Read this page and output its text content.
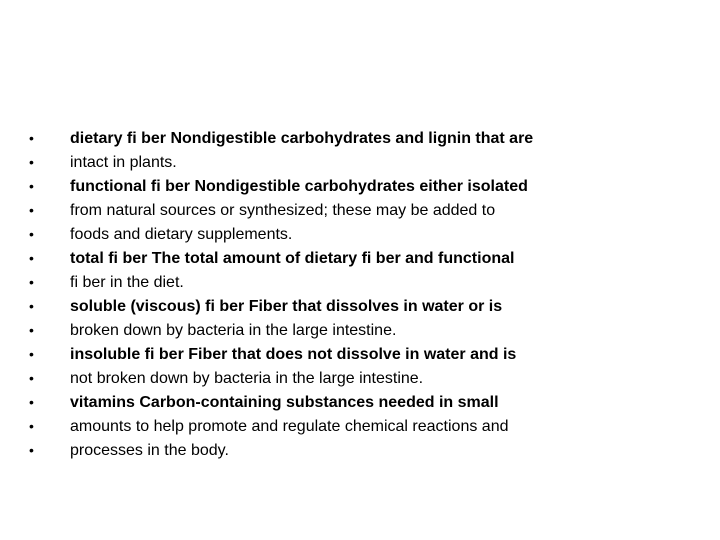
•	dietary fi ber Nondigestible carbohydrates and lignin that are
•	intact in plants.
•	functional fi ber Nondigestible carbohydrates either isolated
•	from natural sources or synthesized; these may be added to
•	foods and dietary supplements.
•	total fi ber The total amount of dietary fi ber and functional
•	fi ber in the diet.
•	soluble (viscous) fi ber Fiber that dissolves in water or is
•	broken down by bacteria in the large intestine.
•	insoluble fi ber Fiber that does not dissolve in water and is
•	not broken down by bacteria in the large intestine.
•	vitamins Carbon-containing substances needed in small
•	amounts to help promote and regulate chemical reactions and
•	processes in the body.
